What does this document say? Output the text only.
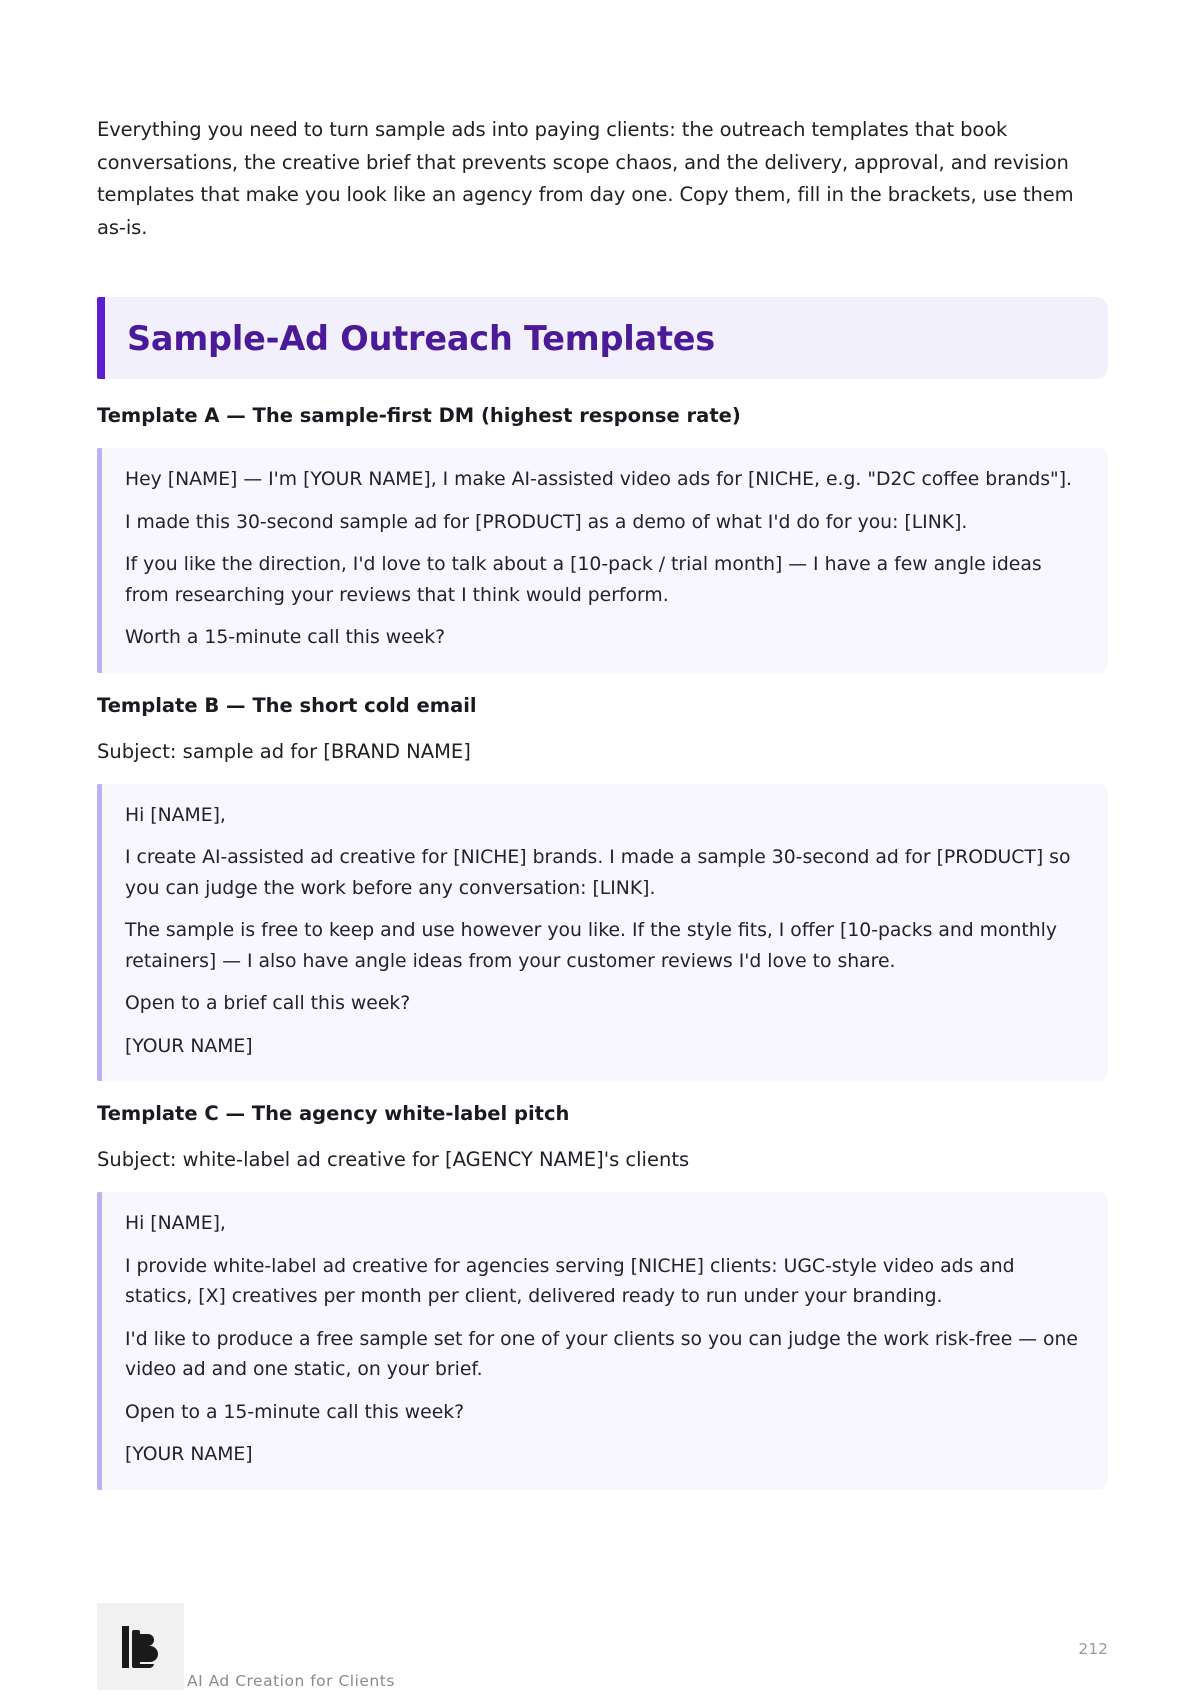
Everything you need to turn sample ads into paying clients: the outreach templates that book conversations, the creative brief that prevents scope chaos, and the delivery, approval, and revision templates that make you look like an agency from day one. Copy them, fill in the brackets, use them as-is.

Sample-Ad Outreach Templates
Template A — The sample-first DM (highest response rate)

Hey [NAME] — I'm [YOUR NAME], I make AI-assisted video ads for [NICHE, e.g. "D2C coffee brands"].

I made this 30-second sample ad for [PRODUCT] as a demo of what I'd do for you: [LINK].

If you like the direction, I'd love to talk about a [10-pack / trial month] — I have a few angle ideas from researching your reviews that I think would perform.

Worth a 15-minute call this week?

Template B — The short cold email

Subject: sample ad for [BRAND NAME]

Hi [NAME],

I create AI-assisted ad creative for [NICHE] brands. I made a sample 30-second ad for [PRODUCT] so you can judge the work before any conversation: [LINK].

The sample is free to keep and use however you like. If the style fits, I offer [10-packs and monthly retainers] — I also have angle ideas from your customer reviews I'd love to share.

Open to a brief call this week?

[YOUR NAME]

Template C — The agency white-label pitch

Subject: white-label ad creative for [AGENCY NAME]'s clients

Hi [NAME],

I provide white-label ad creative for agencies serving [NICHE] clients: UGC-style video ads and statics, [X] creatives per month per client, delivered ready to run under your branding.

I'd like to produce a free sample set for one of your clients so you can judge the work risk-free — one video ad and one static, on your brief.

Open to a 15-minute call this week?

[YOUR NAME]

AI Ad Creation for Clients
212
